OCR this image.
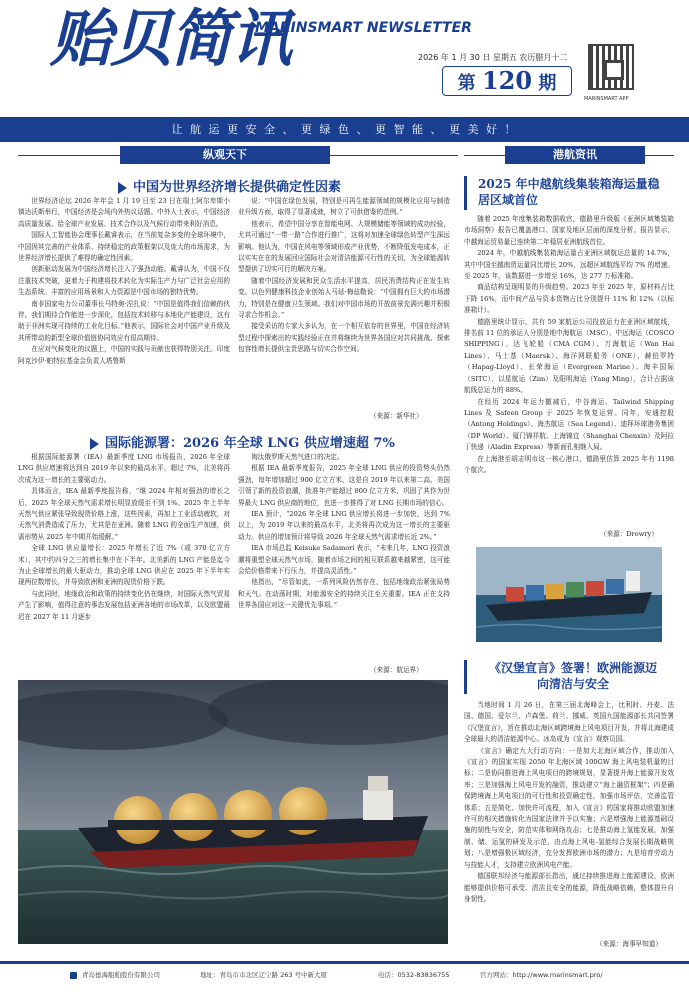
贻贝简讯
MARINSMART NEWSLETTER
2026 年 1 月 30 日 星期五 农历腊月十二
第 120 期
MARINSMART APP
让 航 运 更 安 全 、 更 绿 色 、 更 智 能 、 更 美 好 ！
纵观天下	港航资讯
中国为世界经济增长提供确定性因素
世界经济论坛 2026 年年会 1 月 19 日至 23 日在瑞士阿尔卑斯小镇达沃斯举行，中国经济是会场内外热议话题。中外人士表示，中国经济高质量发展、给全球产业发展、技术合作以及气候行动带来利好消息。
国际人工智能协会理事长戴睿表示，在当前复杂多变的全球环境中，中国因其完善的产业体系、持续稳定的政策框架以及庞大的市场需求，为世界经济增长提供了难得的确定性因素。
创新驱动发展为中国经济增长注入了强劲动能。戴睿认为，中国不仅注重技术突破，更着力于构建将技术转化为实际生产力与广泛社会应用的生态系统。丰富的应用场景和人力资源是中国市场的独特优势。
南非国家电力公司董事长马特奥·涅扎说：“中国是值得我们信赖的伙伴。我们期待合作能进一步深化，包括技术转移与本地化产能建设，这有助于非洲实现可持续的工业化目标。”他表示，国际社会对中国产业升级及其所带动的新型全球价值链协同效应有很高期待。
在应对气候变化的议题上，中国的实践与贡献也获得特别关注。印度阿克沙伊·帕特拉基金会负责人塔鲁斯
说：“中国在绿色发展，特别是可再生能源领域的规模化应用与制造业升级方面，取得了显著成就，树立了可供借鉴的范例。”
他表示，希望中国分享在智能电网、大规模储能等领域的成功经验，尤其可通过“一带一路”合作进行推广，这将对加速全球绿色转型产生深远影响。他认为，中国在风电等领域形成产业优势，不断降低发电成本，正以实实在在的发展回应国际社会对清洁能源可行性的关切，为全球能源转型提供了切实可行的解决方案。
随着中国经济发展和民众生活水平提高，居民消费结构正在发生转变。以色列健康科技企业创始人马延·梅兹勒说：“中国拥有巨大的市场潜力，特别是在健康卫生领域。我们对中国市场的开放前景充满兴趣并积极寻求合作机会。”
接受采访的专家大多认为，在一个相互依存的世界里，中国在经济转型过程中探索出的实践经验正在并将继续为世界各国应对共同挑战、探索包容性增长提供宝贵思路与切实合作空间。
（来源：新华社）
国际能源署：2026 年全球 LNG 供应增速超 7%
根据国际能源署（IEA）最新季度 LNG 市场报告，2026 年全球 LNG 供应增速将达到自 2019 年以来的最高水平，超过 7%，北美将再次成为这一增长的主要驱动力。
具体而言，IEA 最新季度报告称，“继 2024 年相对强劲的增长之后，2025 年全球天然气需求增长明显放缓至不到 1%。2025 年上半年天然气供应紧张导致现货价格上涨，这些因素，再加上工业活动疲软，对天然气消费造成了压力，尤其是在亚洲。随着 LNG 的全面生产加速，供需形势从 2025 年中期开始缓解。”
全球 LNG 供应量增长：2025 年增长了近 7%（或 370 亿立方米），其中约四分之三的增长集中在下半年。北美新的 LNG 产能是迄今为止全球增长的最大驱动力，推动全球 LNG 供应在 2025 年下半年实现两位数增长，并导致欧洲和亚洲的现货价格下跌。
与此同时，地缘政治和政策的持续变化仍在继续，对国际天然气贸易产生了影响，值得注意的事态发展包括亚洲各地的市场改革，以及欧盟最迟在 2027 年 11 月逐步
淘汰俄罗斯天然气进口的决定。
根据 IEA 最新季度报告，2025 年全球 LNG 供应的投资势头仍然强劲，每年增加超过 900 亿立方米，这是自 2019 年以来第二高。美国引领了新的投资浪潮，批准年产能超过 800 亿立方米，巩固了其作为世界最大 LNG 供应商的地位，也进一步推得了对 LNG 长期市场的信心。
IEA 预计，“2026 年全球 LNG 供应增长将进一步加快，达到 7% 以上，为 2019 年以来的最高水平，北美将再次成为这一增长的主要驱动力。供应的增加预计将导致 2026 年全球天然气需求增长近 2%。”
IEA 市场总监 Keisuke Sadamori 表示，“未来几年，LNG 投资浪潮将重塑全球天然气市场，随着市场之间的相互联系越来越紧密，这可能会给价格带来下行压力，并提高灵活性。”
他指出，“尽管如此，一系列风险仍然存在，包括地缘政治紧张局势和天气。在动荡时期，对能源安全的持续关注至关重要。IEA 正在支持世界各国应对这一关键优先事项。”
（来源：航运界）
2025 年中越航线集装箱海运量稳居区域首位
随着 2025 年度集装箱数据收官，德路里升级版《亚洲区域集装箱市场洞察》报告已覆盖港口、国家及地区层面的深度分析。报告显示，中越海运贸易量已连续第二年稳居亚洲航线首位。
2024 年，中越航线集装箱海运量占亚洲区域航运总量的 14.7%，其中中国至越南货运量同比增长 20%，远超区域航线平均 7% 的增速。至 2025 年，该数据进一步增至 16%，达 277 万标准箱。
商品结构呈现明显的升级趋势。2023 年至 2025 年，原材料占比下降 16%，而中间产品与资本货物占比分别提升 11% 和 12%（以标准箱计）。
德路里统计显示，共有 59 家航运公司投放运力在亚洲区域航线，排名前 11 位的承运人分别是地中海航运（MSC）、中远海运（COSCO SHIPPING）、达飞轮船（CMA CGM）、万海航运（Wan Hai Lines）、马士基（Maersk）、海洋网联船务（ONE）、赫伯罗特（Hapag-Lloyd）、长荣海运（Evergreen Marine）、海丰国际（SITC）、以星航运（Zim）及阳明海运（Yang Ming），合计占据该航线总运力的 88%。
在经历 2024 年运力撤减后，中谷海运、Tailwind Shipping Lines 及 Safeen Group 于 2025 年恢复运营。同年，安通控股（Antong Holdings）、海杰航运（Sea Legend）、迪拜环球港务集团（DP World）、厦门锦祥航、上海锦宜（Shanghai Chenxin）及阿拉丁快递（Aladin Express）等新面孔相继入局。
在上海港至胡志明市这一核心港口，德路里估算 2025 年有 1198 个航次。
（来源：Drewry）
《汉堡宣言》签署！欧洲能源迈向清洁与安全
当地时间 1 月 26 日，在第三届北海峰会上，比利时、丹麦、法国、德国、爱尔兰、卢森堡、荷兰、挪威、英国九国能源部长共同签署《汉堡宣言》，旨在推动北海区域跨境海上风电项目开发，并将北海建成全球最大的清洁能源中心。冰岛成为《宣言》观察员国。
《宣言》确定九大行动方向：一是加大北海区域合作，推动加入《宣言》的国家实现 2050 年北海区域 100GW 海上风电装机量的目标；二是协同推进海上风电项目的跨境规划，显著提升海上能源开发效率；三是加强海上风电开发的融资，推动建立“海上融资框架”；四是确保跨境海上风电项目的可行性和投资确定性，加强市场评估，完善监管体系；五是简化、加快许可流程，加入《宣言》的国家将推动欧盟加速许可的相关措施转化为国家法律并予以实施；六是增强海上能源基础设施的韧性与安全，防范实体和网络攻击；七是推动海上氢能发展，加强制、储、运氢的研发及示范，由点海上风电-氢能综合发展长期战略规划；八是增强极区域经济，充分发挥欧洲市场的潜力；九是培育劳动力与技能人才，支持建立欧洲风电产能。
德国联邦经济与能源部长指出，通过持续推进海上能源建设，欧洲能够提供价格可承受、清洁且安全的能源，降低战略依赖，整体提升自身韧性。
（来源：海事早知道）
青岛德海船舶股份有限公司	地址：青岛市市北区辽宁路 263 号中新大厦	电话：0532-83836755	官方网站：http://www.marinsmart.pro/
